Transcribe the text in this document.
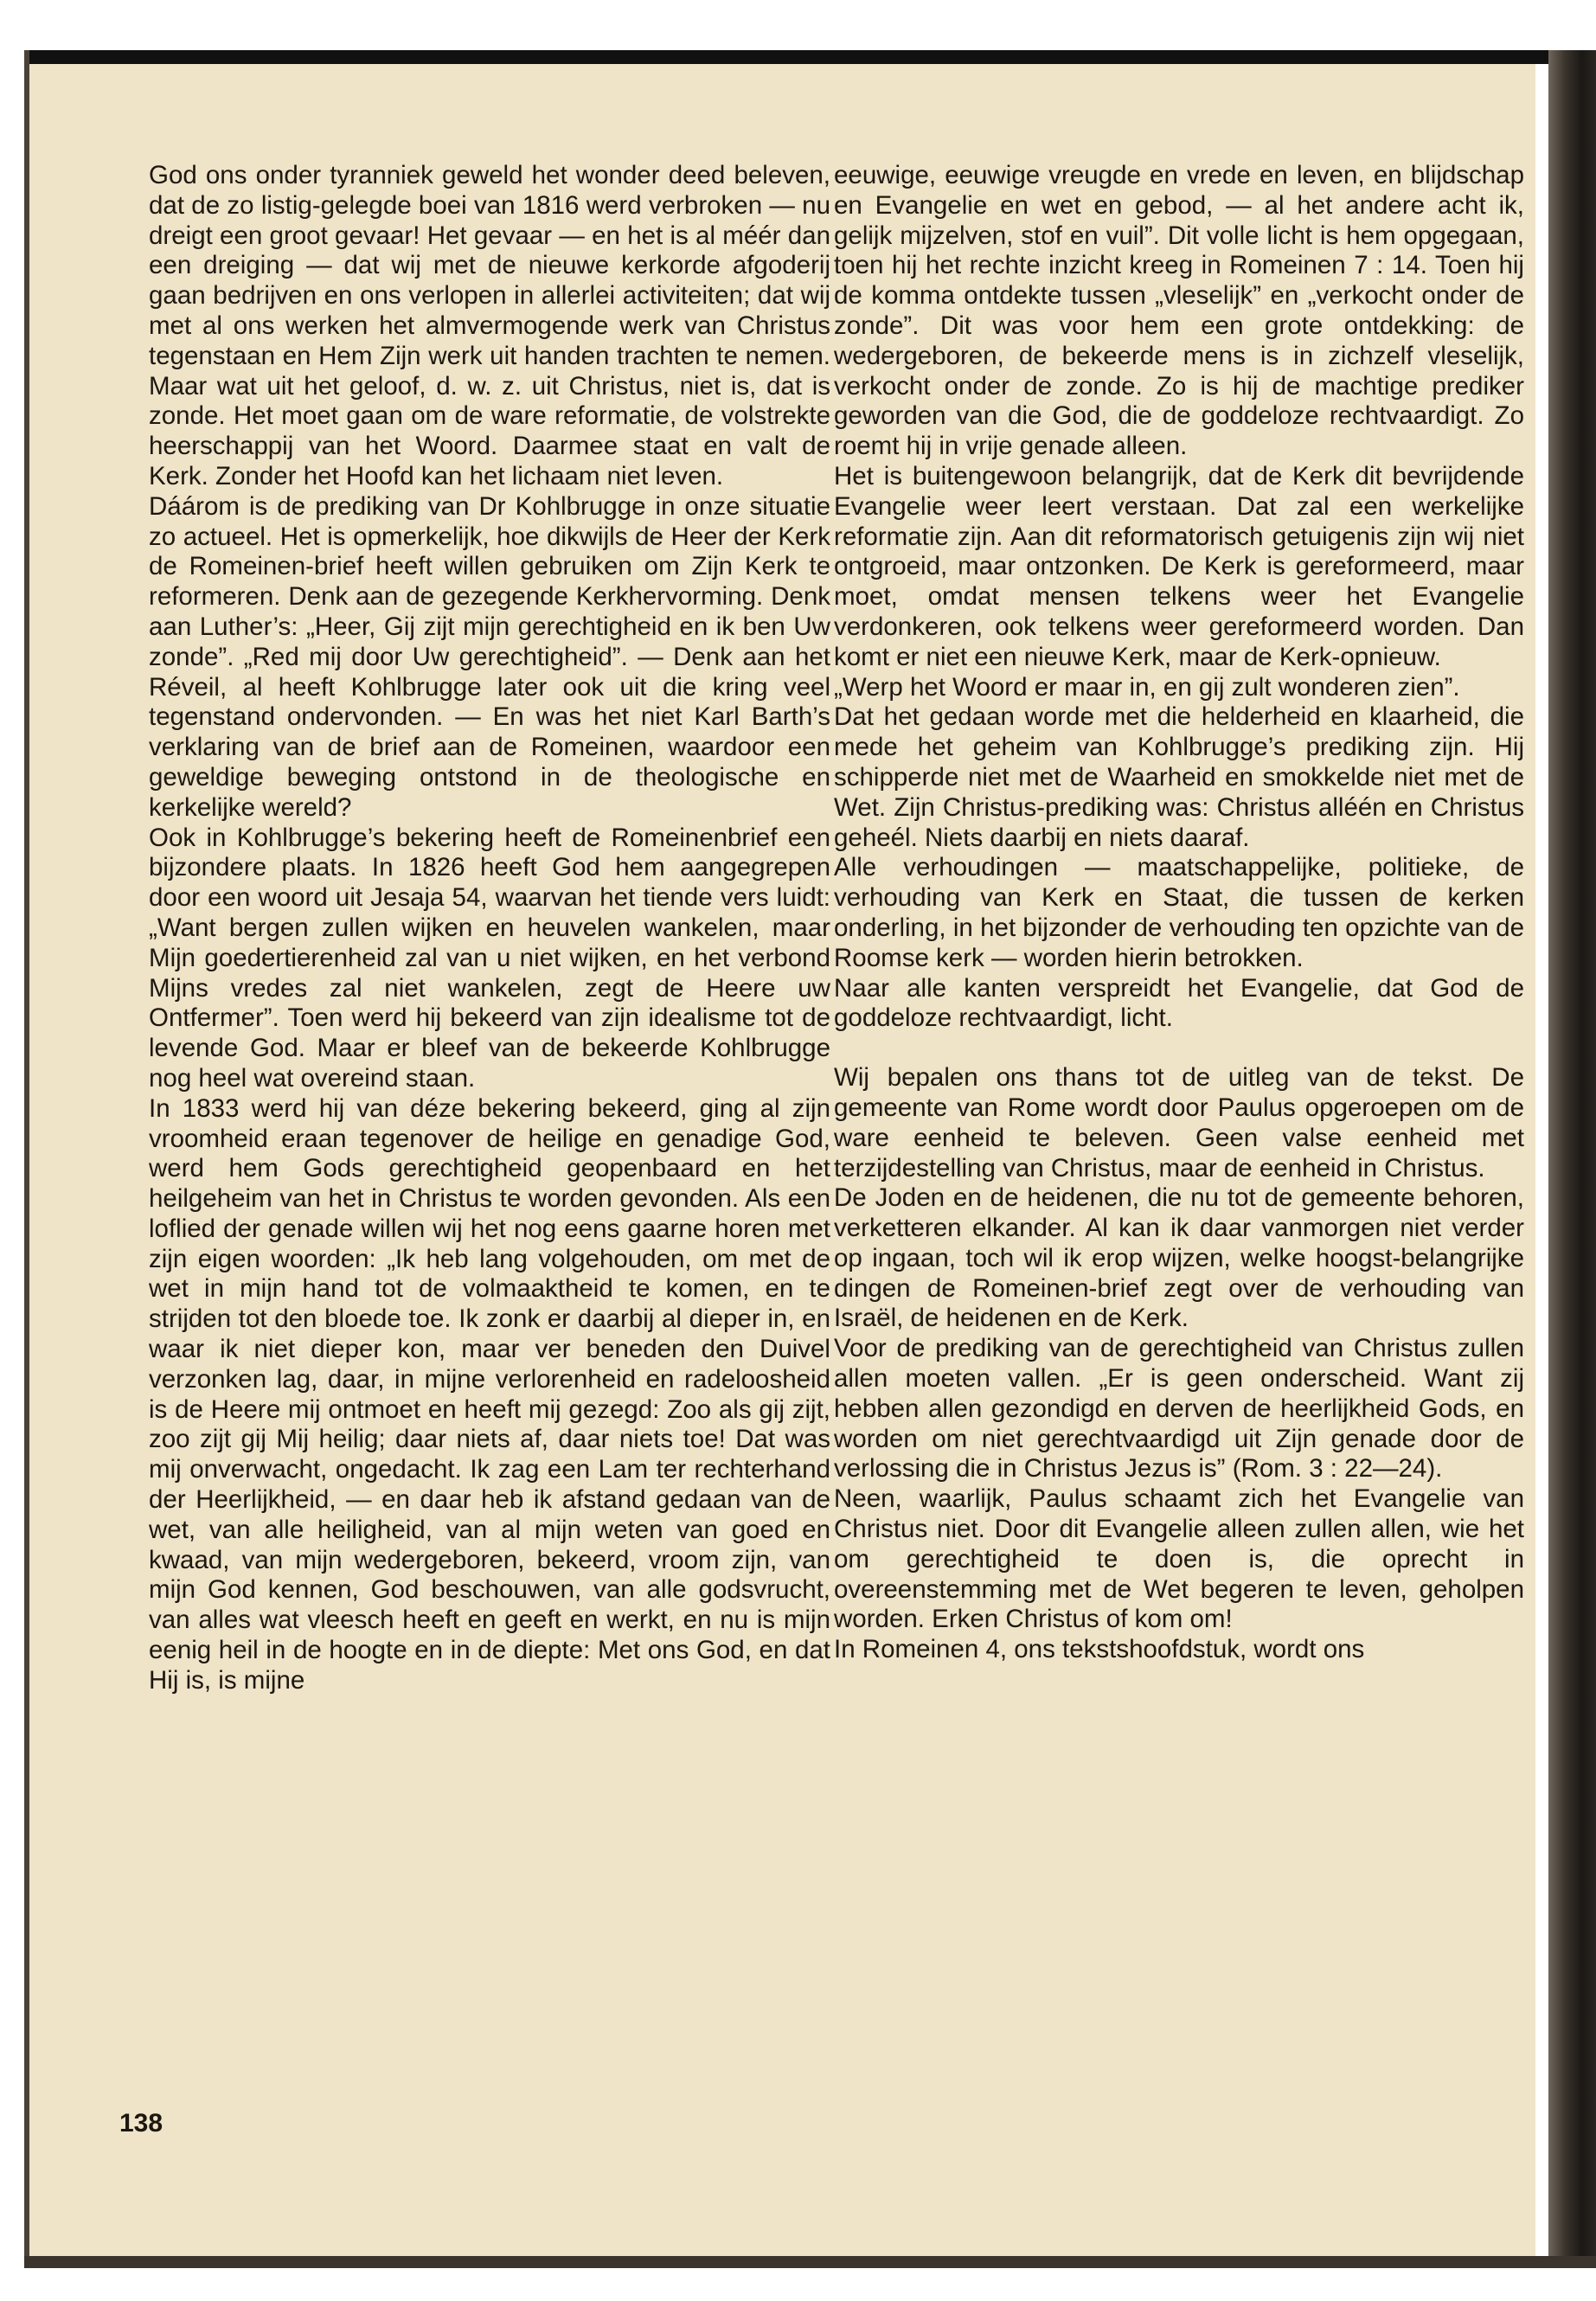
God ons onder tyranniek geweld het wonder deed beleven, dat de zo listig-gelegde boei van 1816 werd verbroken — nu dreigt een groot gevaar! Het gevaar — en het is al méér dan een dreiging — dat wij met de nieuwe kerkorde afgoderij gaan bedrijven en ons verlopen in allerlei activiteiten; dat wij met al ons werken het almvermogende werk van Christus tegenstaan en Hem Zijn werk uit handen trachten te nemen. Maar wat uit het geloof, d. w. z. uit Christus, niet is, dat is zonde. Het moet gaan om de ware reformatie, de volstrekte heerschappij van het Woord. Daarmee staat en valt de Kerk. Zonder het Hoofd kan het lichaam niet leven.

Dáárom is de prediking van Dr Kohlbrugge in onze situatie zo actueel. Het is opmerkelijk, hoe dikwijls de Heer der Kerk de Romeinen-brief heeft willen gebruiken om Zijn Kerk te reformeren. Denk aan de gezegende Kerkhervorming. Denk aan Luther’s: „Heer, Gij zijt mijn gerechtigheid en ik ben Uw zonde”. „Red mij door Uw gerechtigheid”. — Denk aan het Réveil, al heeft Kohlbrugge later ook uit die kring veel tegenstand ondervonden. — En was het niet Karl Barth’s verklaring van de brief aan de Romeinen, waardoor een geweldige beweging ontstond in de theologische en kerkelijke wereld?

Ook in Kohlbrugge’s bekering heeft de Romeinenbrief een bijzondere plaats. In 1826 heeft God hem aangegrepen door een woord uit Jesaja 54, waarvan het tiende vers luidt: „Want bergen zullen wijken en heuvelen wankelen, maar Mijn goedertierenheid zal van u niet wijken, en het verbond Mijns vredes zal niet wankelen, zegt de Heere uw Ontfermer”. Toen werd hij bekeerd van zijn idealisme tot de levende God. Maar er bleef van de bekeerde Kohlbrugge nog heel wat overeind staan.

In 1833 werd hij van déze bekering bekeerd, ging al zijn vroomheid eraan tegenover de heilige en genadige God, werd hem Gods gerechtigheid geopenbaard en het heilgeheim van het in Christus te worden gevonden. Als een loflied der genade willen wij het nog eens gaarne horen met zijn eigen woorden: „Ik heb lang volgehouden, om met de wet in mijn hand tot de volmaaktheid te komen, en te strijden tot den bloede toe. Ik zonk er daarbij al dieper in, en waar ik niet dieper kon, maar ver beneden den Duivel verzonken lag, daar, in mijne verlorenheid en radeloosheid is de Heere mij ontmoet en heeft mij gezegd: Zoo als gij zijt, zoo zijt gij Mij heilig; daar niets af, daar niets toe! Dat was mij onverwacht, ongedacht. Ik zag een Lam ter rechterhand der Heerlijkheid, — en daar heb ik afstand gedaan van de wet, van alle heiligheid, van al mijn weten van goed en kwaad, van mijn wedergeboren, bekeerd, vroom zijn, van mijn God kennen, God beschouwen, van alle godsvrucht, van alles wat vleesch heeft en geeft en werkt, en nu is mijn eenig heil in de hoogte en in de diepte: Met ons God, en dat Hij is, is mijne

eeuwige, eeuwige vreugde en vrede en leven, en blijdschap en Evangelie en wet en gebod, — al het andere acht ik, gelijk mijzelven, stof en vuil”. Dit volle licht is hem opgegaan, toen hij het rechte inzicht kreeg in Romeinen 7 : 14. Toen hij de komma ontdekte tussen „vleselijk” en „verkocht onder de zonde”. Dit was voor hem een grote ontdekking: de wedergeboren, de bekeerde mens is in zichzelf vleselijk, verkocht onder de zonde. Zo is hij de machtige prediker geworden van die God, die de goddeloze rechtvaardigt. Zo roemt hij in vrije genade alleen.

Het is buitengewoon belangrijk, dat de Kerk dit bevrijdende Evangelie weer leert verstaan. Dat zal een werkelijke reformatie zijn. Aan dit reformatorisch getuigenis zijn wij niet ontgroeid, maar ontzonken. De Kerk is gereformeerd, maar moet, omdat mensen telkens weer het Evangelie verdonkeren, ook telkens weer gereformeerd worden. Dan komt er niet een nieuwe Kerk, maar de Kerk-opnieuw.

„Werp het Woord er maar in, en gij zult wonderen zien”.

Dat het gedaan worde met die helderheid en klaarheid, die mede het geheim van Kohlbrugge’s prediking zijn. Hij schipperde niet met de Waarheid en smokkelde niet met de Wet. Zijn Christus-prediking was: Christus alléén en Christus geheél. Niets daarbij en niets daaraf.

Alle verhoudingen — maatschappelijke, politieke, de verhouding van Kerk en Staat, die tussen de kerken onderling, in het bijzonder de verhouding ten opzichte van de Roomse kerk — worden hierin betrokken.

Naar alle kanten verspreidt het Evangelie, dat God de goddeloze rechtvaardigt, licht.

Wij bepalen ons thans tot de uitleg van de tekst. De gemeente van Rome wordt door Paulus opgeroepen om de ware eenheid te beleven. Geen valse eenheid met terzijdestelling van Christus, maar de eenheid in Christus.

De Joden en de heidenen, die nu tot de gemeente behoren, verketteren elkander. Al kan ik daar vanmorgen niet verder op ingaan, toch wil ik erop wijzen, welke hoogst-belangrijke dingen de Romeinen-brief zegt over de verhouding van Israël, de heidenen en de Kerk.

Voor de prediking van de gerechtigheid van Christus zullen allen moeten vallen. „Er is geen onderscheid. Want zij hebben allen gezondigd en derven de heerlijkheid Gods, en worden om niet gerechtvaardigd uit Zijn genade door de verlossing die in Christus Jezus is” (Rom. 3 : 22—24).

Neen, waarlijk, Paulus schaamt zich het Evangelie van Christus niet. Door dit Evangelie alleen zullen allen, wie het om gerechtigheid te doen is, die oprecht in overeenstemming met de Wet begeren te leven, geholpen worden. Erken Christus of kom om!

In Romeinen 4, ons tekstshoofdstuk, wordt ons

138
